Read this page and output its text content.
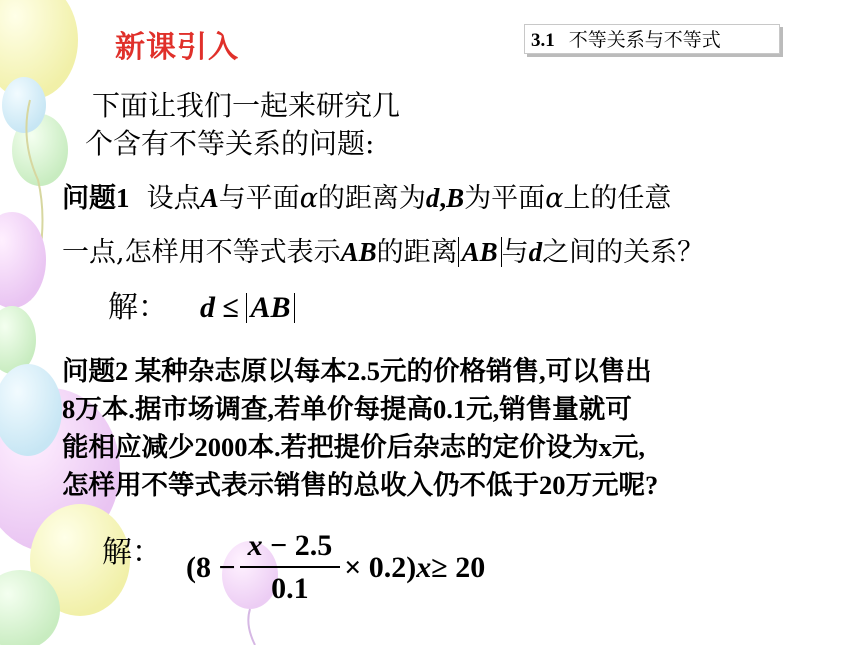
新课引入	3.1 不等关系与不等式
下面让我们一起来研究几
个含有不等关系的问题:
问题1 设点A与平面α的距离为d,B为平面α上的任意
一点,怎样用不等式表示AB的距离 AB 与d之间的关系？
解： d ≤ AB
问题2 某种杂志原以每本2.5元的价格销售,可以售出
8万本.据市场调查,若单价每提高0.1元,销售量就可
能相应减少2000本.若把提价后杂志的定价设为x元,
怎样用不等式表示销售的总收入仍不低于20万元呢?
解： $(8 - \frac{x - 2.5}{0.1} \times 0.2)$ x ≥ 20
